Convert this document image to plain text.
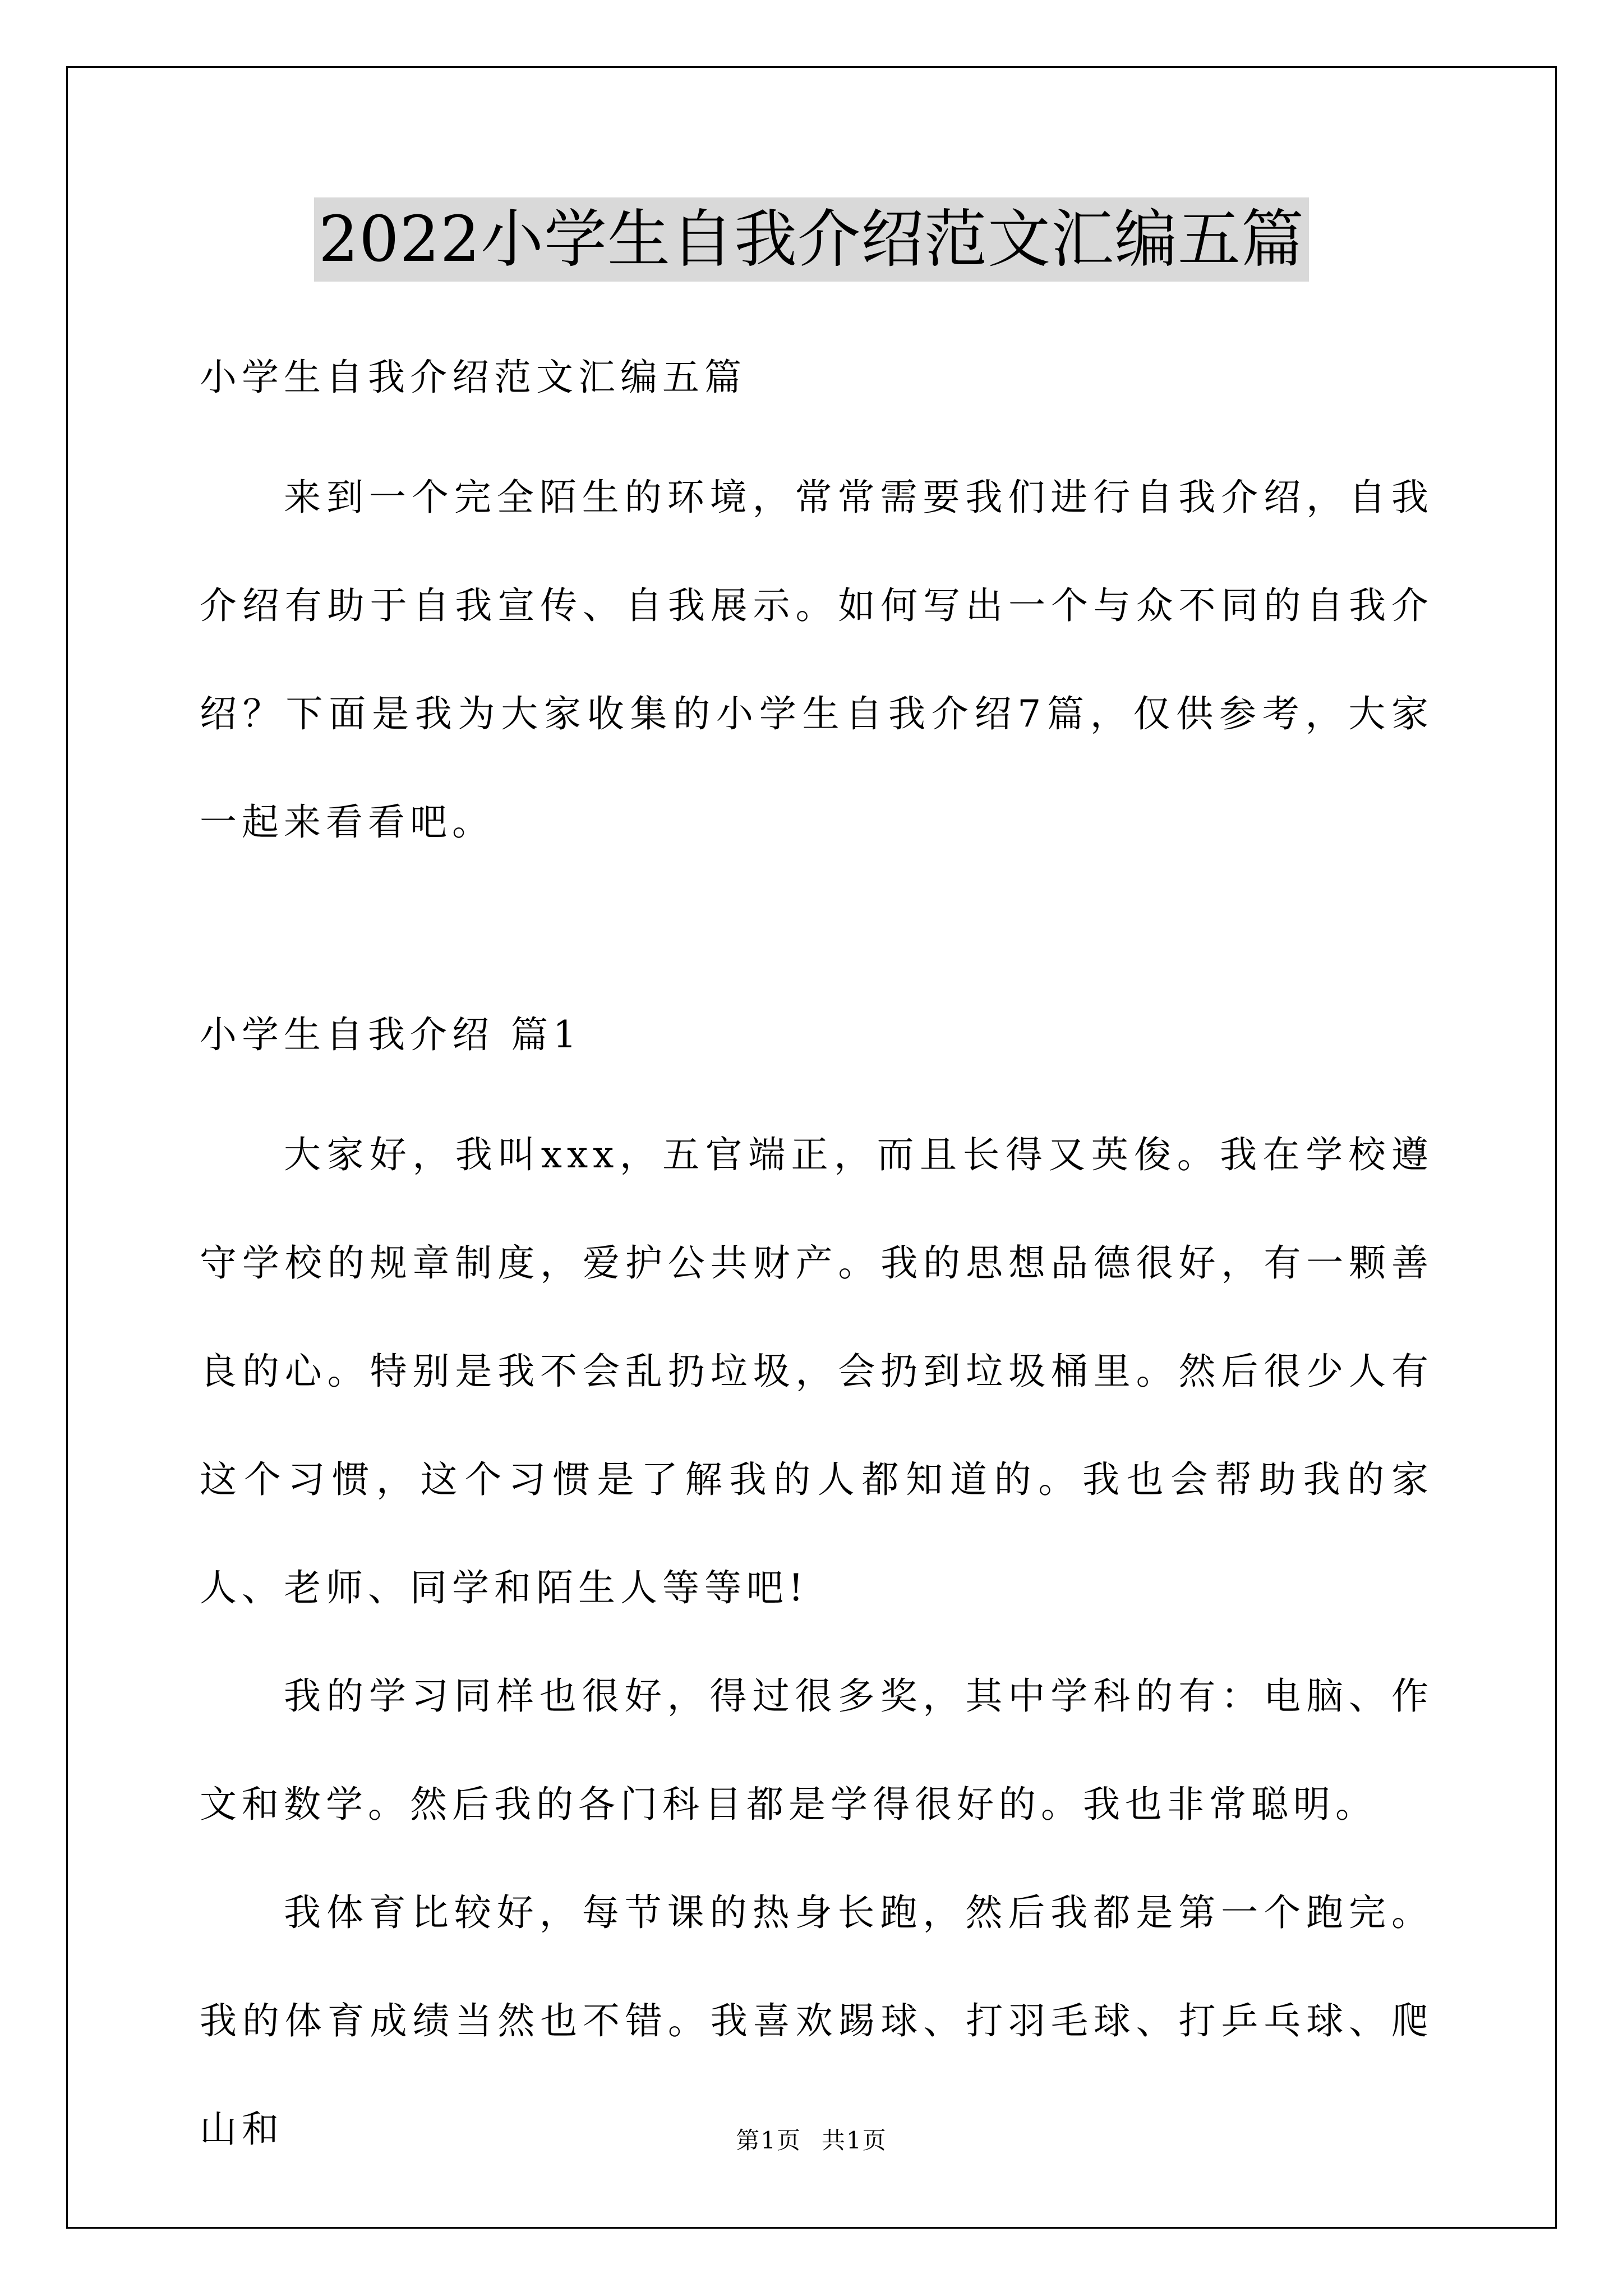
2022小学生自我介绍范文汇编五篇
小学生自我介绍范文汇编五篇

来到一个完全陌生的环境，常常需要我们进行自我介绍，自我介绍有助于自我宣传、自我展示。如何写出一个与众不同的自我介绍？下面是我为大家收集的小学生自我介绍7篇，仅供参考，大家一起来看看吧。

小学生自我介绍 篇1

大家好，我叫xxx，五官端正，而且长得又英俊。我在学校遵守学校的规章制度，爱护公共财产。我的思想品德很好，有一颗善良的心。特别是我不会乱扔垃圾，会扔到垃圾桶里。然后很少人有这个习惯，这个习惯是了解我的人都知道的。我也会帮助我的家人、老师、同学和陌生人等等吧!

我的学习同样也很好，得过很多奖，其中学科的有：电脑、作文和数学。然后我的各门科目都是学得很好的。我也非常聪明。

我体育比较好，每节课的热身长跑，然后我都是第一个跑完。我的体育成绩当然也不错。我喜欢踢球、打羽毛球、打乒乓球、爬山和	第1页 共1页
